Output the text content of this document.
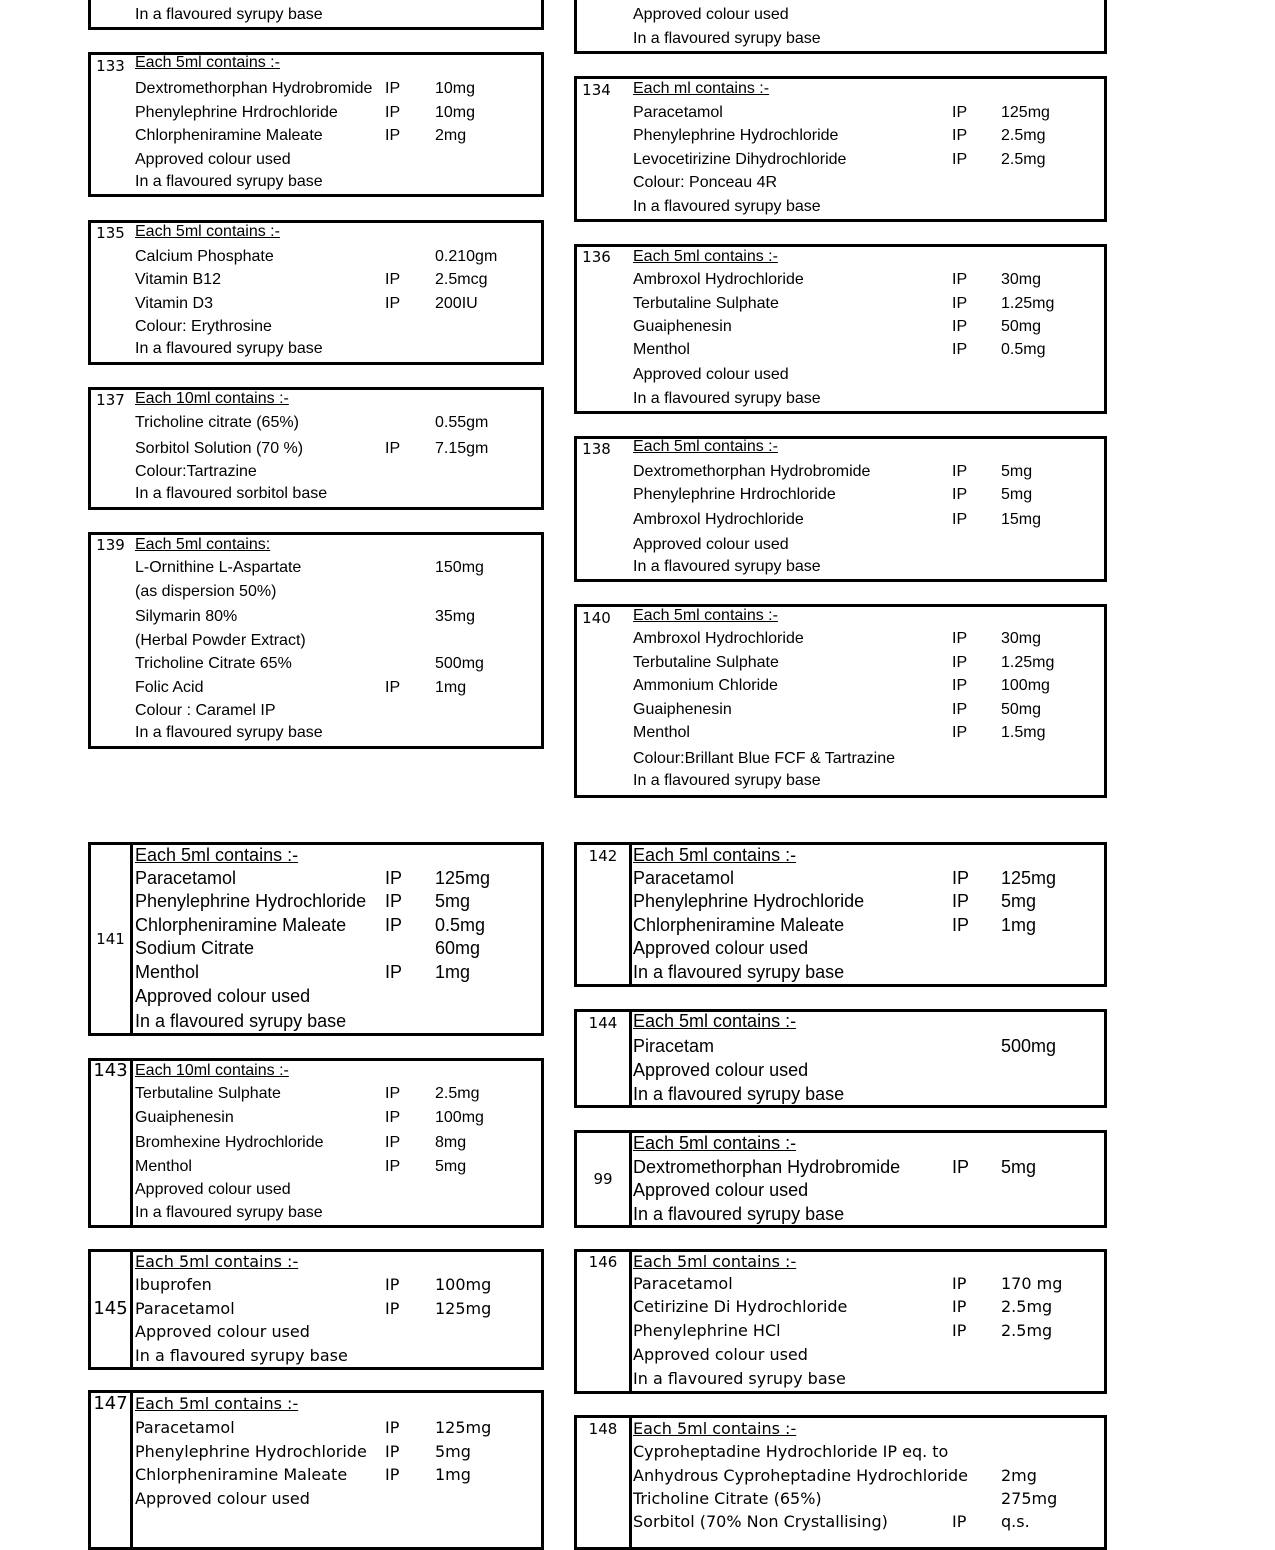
In a flavoured syrupy base	Approved colour used
In a flavoured syrupy base
133 Each 5ml contains :-
Dextromethorphan Hydrobromide IP 10mg
Phenylephrine Hrdrochloride	IP 10mg
Chlorpheniramine Maleate	IP 2mg
Approved colour used
In a flavoured syrupy base
134	Each ml contains :-
Paracetamol	IP 125mg
Phenylephrine Hydrochloride	IP 2.5mg
Levocetirizine Dihydrochloride	IP 2.5mg
Colour: Ponceau 4R
In a flavoured syrupy base
135 Each 5ml contains :-
Calcium Phosphate	0.210gm
Vitamin B12	IP 2.5mcg
Vitamin D3	IP 200IU
Colour: Erythrosine
In a flavoured syrupy base
136	Each 5ml contains :-
Ambroxol Hydrochloride	IP 30mg
Terbutaline Sulphate	IP 1.25mg
Guaiphenesin	IP 50mg
Menthol	IP 0.5mg
Approved colour used
In a flavoured syrupy base
137 Each 10ml contains :-
Tricholine citrate (65%)	0.55gm
Sorbitol Solution (70 %)	IP 7.15gm
Colour:Tartrazine
In a flavoured sorbitol base
138	Each 5ml contains :-
Dextromethorphan Hydrobromide	IP 5mg
Phenylephrine Hrdrochloride	IP 5mg
Ambroxol Hydrochloride	IP 15mg
Approved colour used
In a flavoured syrupy base
139 Each 5ml contains:
L-Ornithine L-Aspartate	150mg
(as dispersion 50%)
Silymarin 80%	35mg
(Herbal Powder Extract)
Tricholine Citrate 65%	500mg
Folic Acid	IP 1mg
Colour : Caramel IP
In a flavoured syrupy base
140	Each 5ml contains :-
Ambroxol Hydrochloride	IP 30mg
Terbutaline Sulphate	IP 1.25mg
Ammonium Chloride	IP 100mg
Guaiphenesin	IP 50mg
Menthol	IP 1.5mg
Colour:Brillant Blue FCF & Tartrazine
In a flavoured syrupy base
141
Each 5ml contains :-
Paracetamol	IP 125mg
Phenylephrine Hydrochloride IP 5mg
Chlorpheniramine Maleate IP 0.5mg
Sodium Citrate	60mg
Menthol	IP 1mg
Approved colour used
In a flavoured syrupy base
142 Each 5ml contains :-
Paracetamol	IP 125mg
Phenylephrine Hydrochloride	IP 5mg
Chlorpheniramine Maleate	IP 1mg
Approved colour used
In a flavoured syrupy base
143 Each 10ml contains :-
Terbutaline Sulphate	IP 2.5mg
Guaiphenesin	IP 100mg
Bromhexine Hydrochloride	IP 8mg
Menthol	IP 5mg
Approved colour used
In a flavoured syrupy base
144 Each 5ml contains :-
Piracetam	500mg
Approved colour used
In a flavoured syrupy base
99
Each 5ml contains :-
Dextromethorphan Hydrobromide	IP 5mg
Approved colour used
In a flavoured syrupy base
145
Each 5ml contains :-
Ibuprofen	IP 100mg
Paracetamol	IP 125mg
Approved colour used
In a flavoured syrupy base
146 Each 5ml contains :-
Paracetamol	IP 170 mg
Cetirizine Di Hydrochloride	IP 2.5mg
Phenylephrine HCl	IP 2.5mg
Approved colour used
In a flavoured syrupy base
147 Each 5ml contains :-
Paracetamol	IP 125mg
Phenylephrine Hydrochloride IP 5mg
Chlorpheniramine Maleate IP 1mg
Approved colour used
148 Each 5ml contains :-
Cyproheptadine Hydrochloride IP eq. to
Anhydrous Cyproheptadine Hydrochloride 2mg
Tricholine Citrate (65%)	275mg
Sorbitol (70% Non Crystallising)	IP q.s.
